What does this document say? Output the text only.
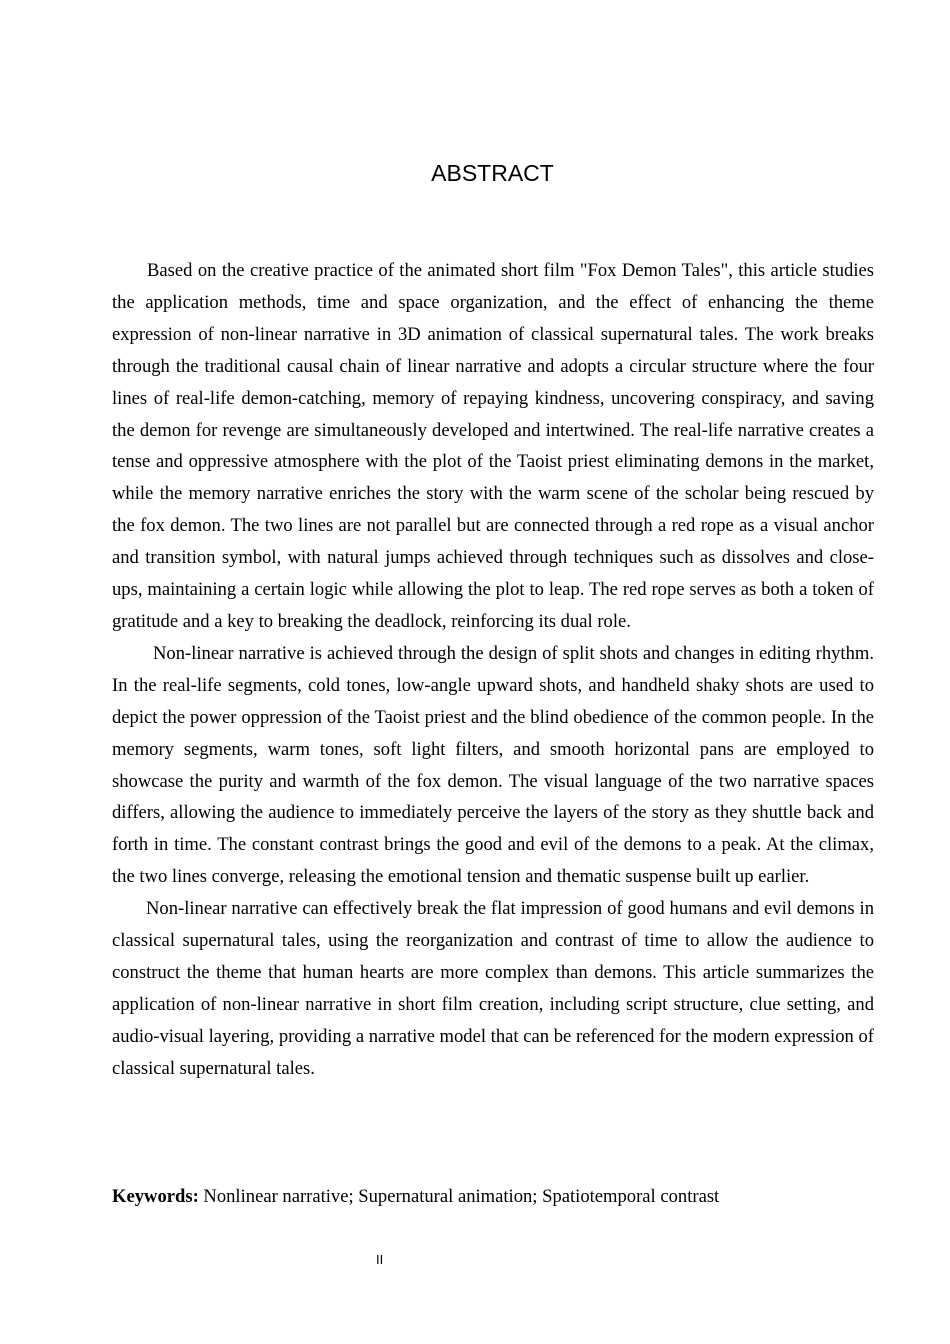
ABSTRACT

Based on the creative practice of the animated short film "Fox Demon Tales", this article studies the application methods, time and space organization, and the effect of enhancing the theme expression of non-linear narrative in 3D animation of classical supernatural tales. The work breaks through the traditional causal chain of linear narrative and adopts a circular structure where the four lines of real-life demon-catching, memory of repaying kindness, uncovering conspiracy, and saving the demon for revenge are simultaneously developed and intertwined. The real-life narrative creates a tense and oppressive atmosphere with the plot of the Taoist priest eliminating demons in the market, while the memory narrative enriches the story with the warm scene of the scholar being rescued by the fox demon. The two lines are not parallel but are connected through a red rope as a visual anchor and transition symbol, with natural jumps achieved through techniques such as dissolves and close-ups, maintaining a certain logic while allowing the plot to leap. The red rope serves as both a token of gratitude and a key to breaking the deadlock, reinforcing its dual role.

Non-linear narrative is achieved through the design of split shots and changes in editing rhythm. In the real-life segments, cold tones, low-angle upward shots, and handheld shaky shots are used to depict the power oppression of the Taoist priest and the blind obedience of the common people. In the memory segments, warm tones, soft light filters, and smooth horizontal pans are employed to showcase the purity and warmth of the fox demon. The visual language of the two narrative spaces differs, allowing the audience to immediately perceive the layers of the story as they shuttle back and forth in time. The constant contrast brings the good and evil of the demons to a peak. At the climax, the two lines converge, releasing the emotional tension and thematic suspense built up earlier.

Non-linear narrative can effectively break the flat impression of good humans and evil demons in classical supernatural tales, using the reorganization and contrast of time to allow the audience to construct the theme that human hearts are more complex than demons. This article summarizes the application of non-linear narrative in short film creation, including script structure, clue setting, and audio-visual layering, providing a narrative model that can be referenced for the modern expression of classical supernatural tales.

Keywords: Nonlinear narrative; Supernatural animation; Spatiotemporal contrast

II
